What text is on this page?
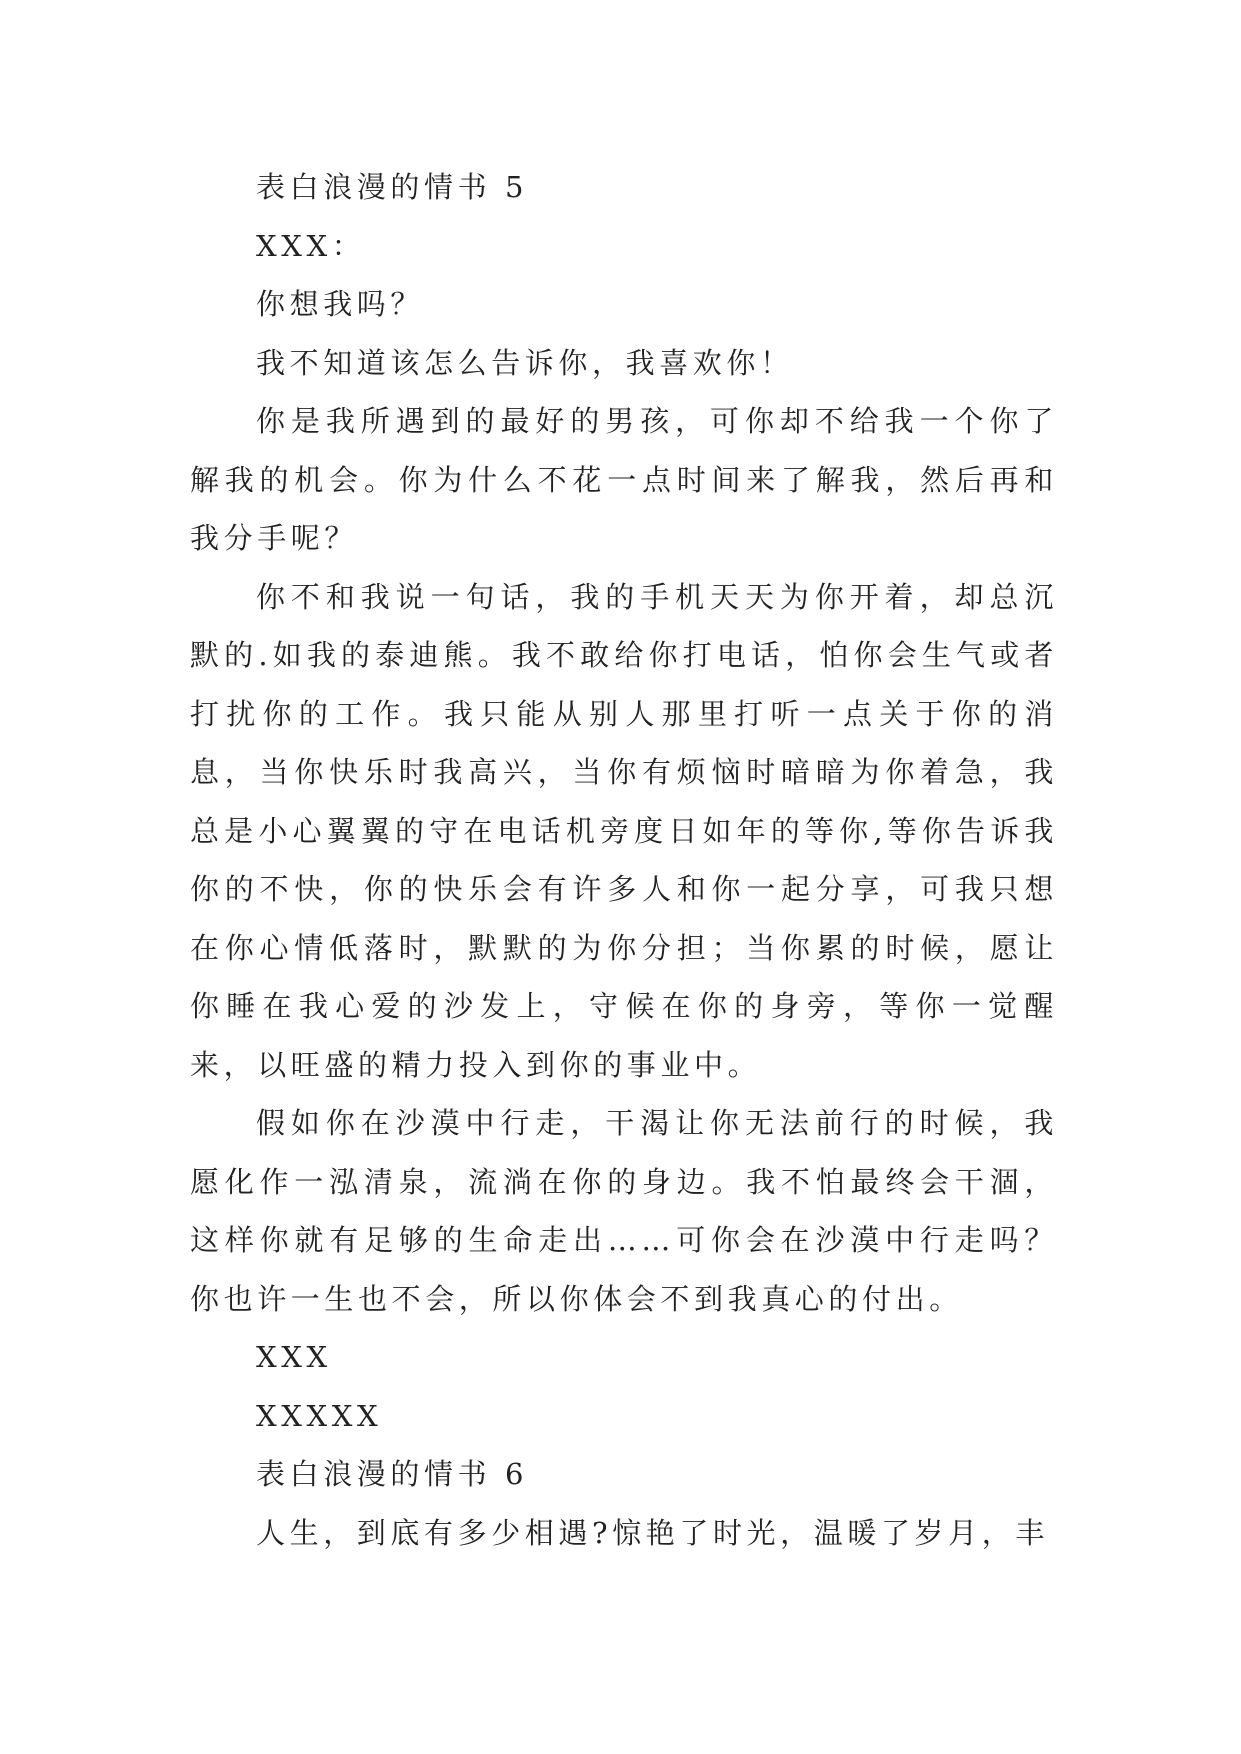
表白浪漫的情书 5

XXX：

你想我吗？

我不知道该怎么告诉你，我喜欢你！

你是我所遇到的最好的男孩，可你却不给我一个你了解我的机会。你为什么不花一点时间来了解我，然后再和我分手呢？

你不和我说一句话，我的手机天天为你开着，却总沉默的.如我的泰迪熊。我不敢给你打电话，怕你会生气或者打扰你的工作。我只能从别人那里打听一点关于你的消息，当你快乐时我高兴，当你有烦恼时暗暗为你着急，我总是小心翼翼的守在电话机旁度日如年的等你,等你告诉我你的不快，你的快乐会有许多人和你一起分享，可我只想在你心情低落时，默默的为你分担；当你累的时候，愿让你睡在我心爱的沙发上，守候在你的身旁，等你一觉醒来，以旺盛的精力投入到你的事业中。

假如你在沙漠中行走，干渴让你无法前行的时候，我愿化作一泓清泉，流淌在你的身边。我不怕最终会干涸，这样你就有足够的生命走出……可你会在沙漠中行走吗？你也许一生也不会，所以你体会不到我真心的付出。

XXX

XXXXX

表白浪漫的情书 6

人生，到底有多少相遇?惊艳了时光，温暖了岁月，丰
